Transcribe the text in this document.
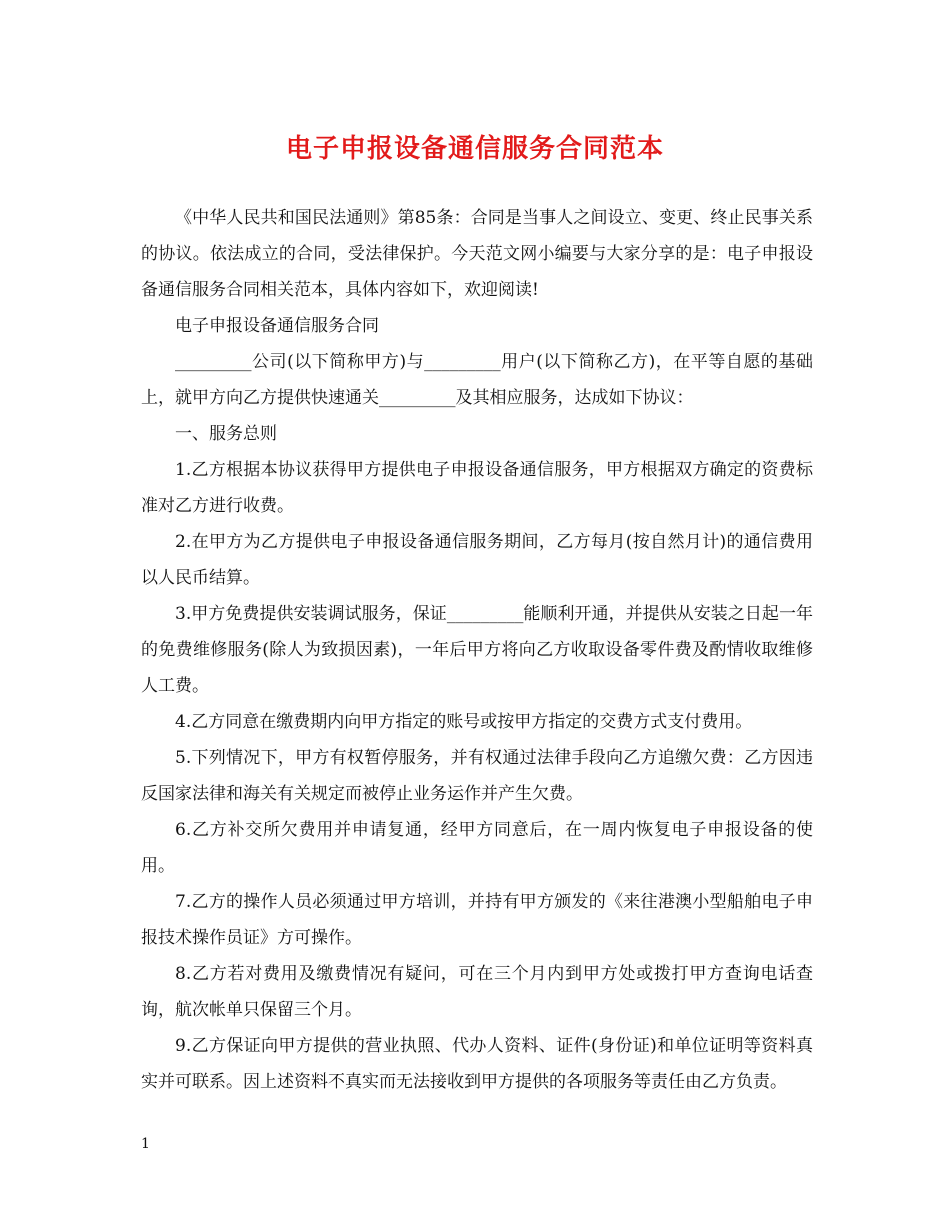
电子申报设备通信服务合同范本

《中华人民共和国民法通则》第85条：合同是当事人之间设立、变更、终止民事关系的协议。依法成立的合同，受法律保护。今天范文网小编要与大家分享的是：电子申报设备通信服务合同相关范本，具体内容如下，欢迎阅读!

电子申报设备通信服务合同

_________公司(以下简称甲方)与_________用户(以下简称乙方)，在平等自愿的基础上，就甲方向乙方提供快速通关_________及其相应服务，达成如下协议：

一、服务总则

1.乙方根据本协议获得甲方提供电子申报设备通信服务，甲方根据双方确定的资费标准对乙方进行收费。

2.在甲方为乙方提供电子申报设备通信服务期间，乙方每月(按自然月计)的通信费用以人民币结算。

3.甲方免费提供安装调试服务，保证_________能顺利开通，并提供从安装之日起一年的免费维修服务(除人为致损因素)，一年后甲方将向乙方收取设备零件费及酌情收取维修人工费。

4.乙方同意在缴费期内向甲方指定的账号或按甲方指定的交费方式支付费用。

5.下列情况下，甲方有权暂停服务，并有权通过法律手段向乙方追缴欠费：乙方因违反国家法律和海关有关规定而被停止业务运作并产生欠费。

6.乙方补交所欠费用并申请复通，经甲方同意后，在一周内恢复电子申报设备的使用。

7.乙方的操作人员必须通过甲方培训，并持有甲方颁发的《来往港澳小型船舶电子申报技术操作员证》方可操作。

8.乙方若对费用及缴费情况有疑问，可在三个月内到甲方处或拨打甲方查询电话查询，航次帐单只保留三个月。

9.乙方保证向甲方提供的营业执照、代办人资料、证件(身份证)和单位证明等资料真实并可联系。因上述资料不真实而无法接收到甲方提供的各项服务等责任由乙方负责。

1
